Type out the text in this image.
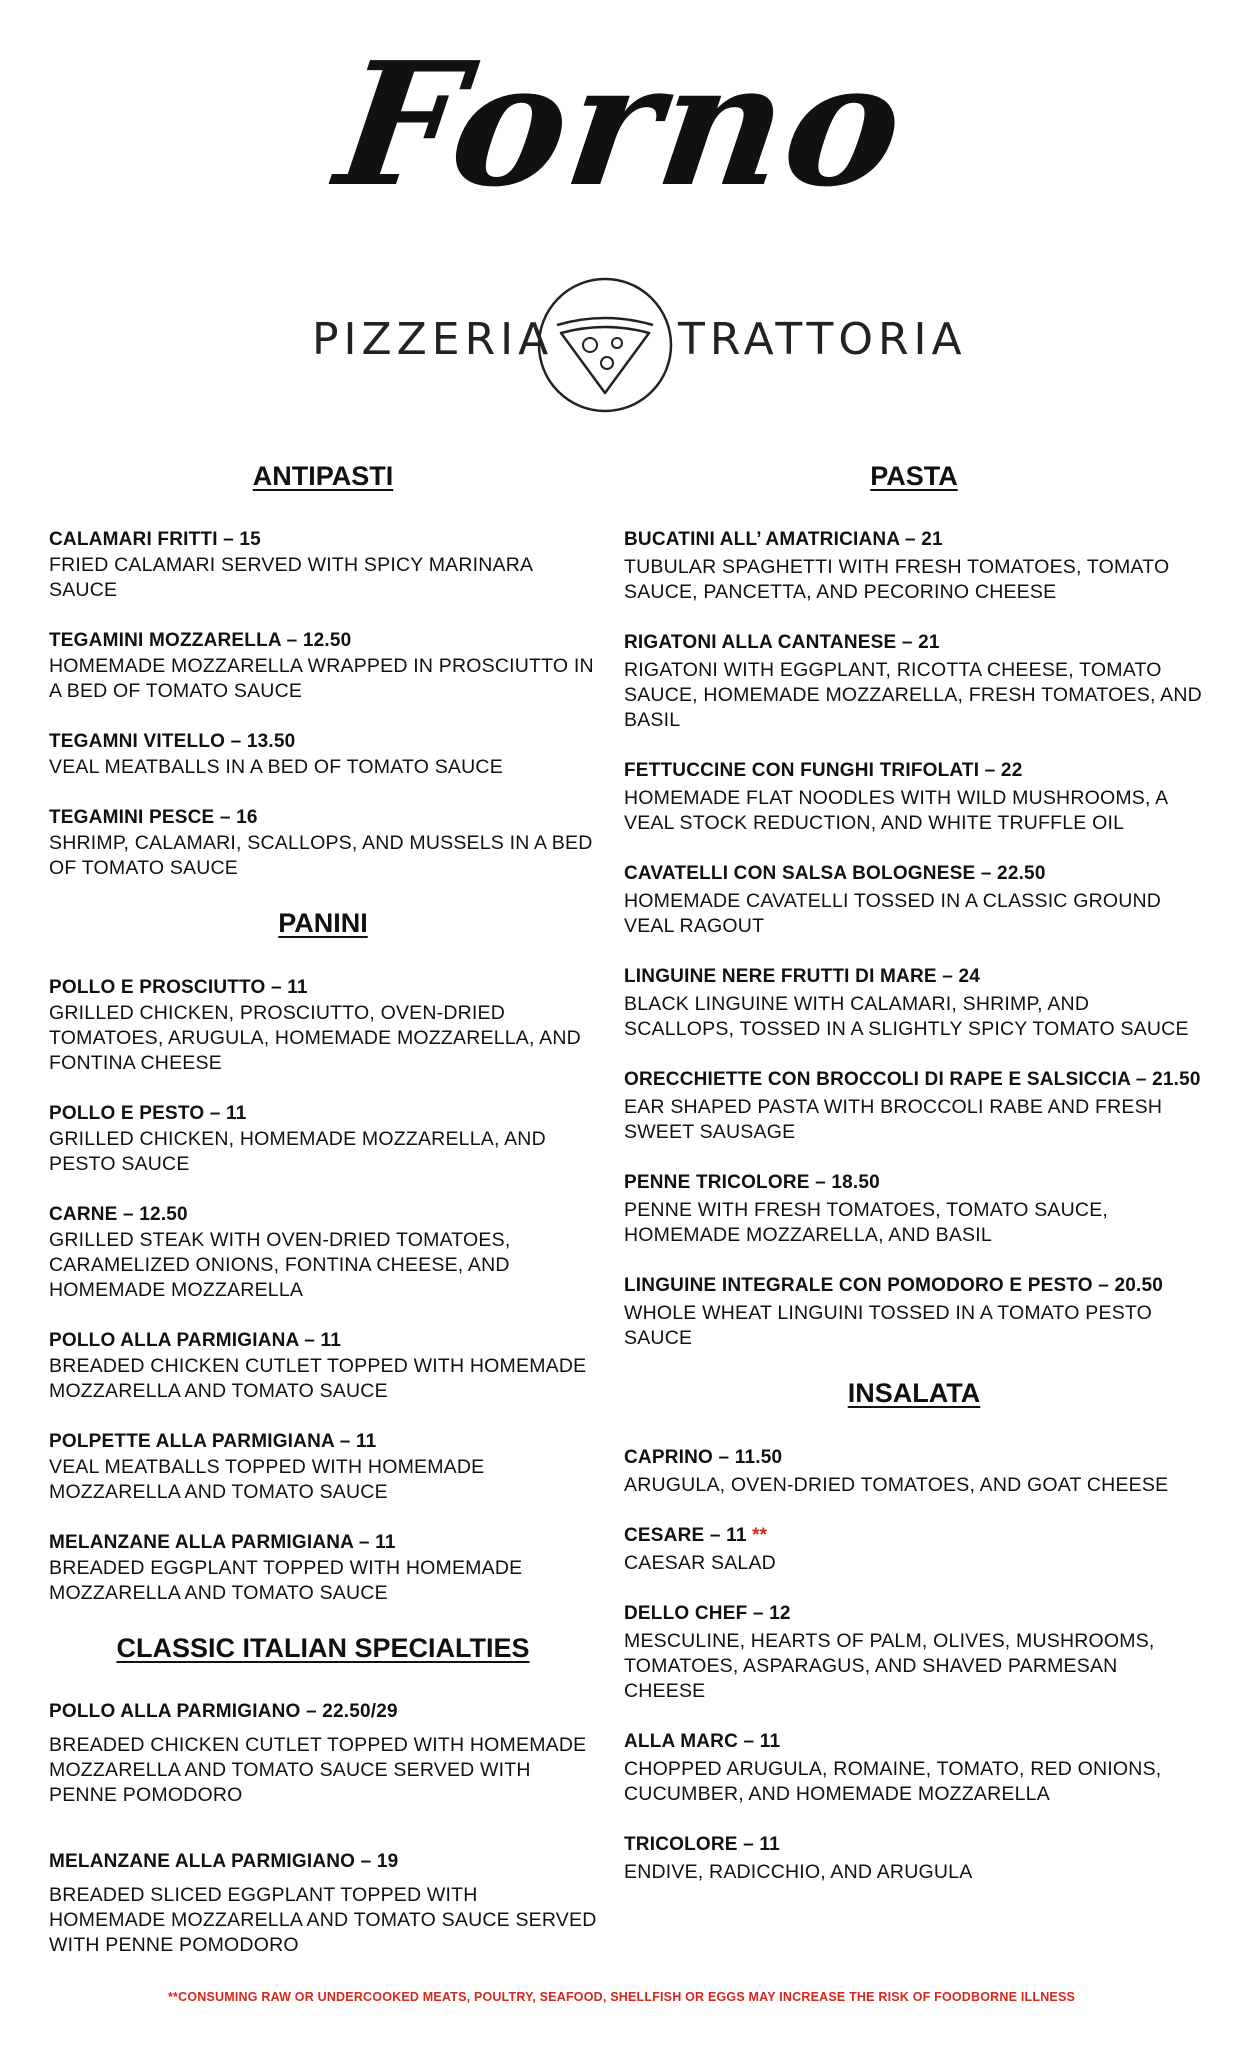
Forno
PIZZERIA	TRATTORIA
ANTIPASTI
CALAMARI FRITTI – 15
FRIED CALAMARI SERVED WITH SPICY MARINARA SAUCE
TEGAMINI MOZZARELLA – 12.50
HOMEMADE MOZZARELLA WRAPPED IN PROSCIUTTO IN A BED OF TOMATO SAUCE
TEGAMNI VITELLO – 13.50
VEAL MEATBALLS IN A BED OF TOMATO SAUCE
TEGAMINI PESCE – 16
SHRIMP, CALAMARI, SCALLOPS, AND MUSSELS IN A BED OF TOMATO SAUCE
PANINI
POLLO E PROSCIUTTO – 11
GRILLED CHICKEN, PROSCIUTTO, OVEN-DRIED TOMATOES, ARUGULA, HOMEMADE MOZZARELLA, AND FONTINA CHEESE
POLLO E PESTO – 11
GRILLED CHICKEN, HOMEMADE MOZZARELLA, AND PESTO SAUCE
CARNE – 12.50
GRILLED STEAK WITH OVEN-DRIED TOMATOES, CARAMELIZED ONIONS, FONTINA CHEESE, AND HOMEMADE MOZZARELLA
POLLO ALLA PARMIGIANA – 11
BREADED CHICKEN CUTLET TOPPED WITH HOMEMADE MOZZARELLA AND TOMATO SAUCE
POLPETTE ALLA PARMIGIANA – 11
VEAL MEATBALLS TOPPED WITH HOMEMADE MOZZARELLA AND TOMATO SAUCE
MELANZANE ALLA PARMIGIANA – 11
BREADED EGGPLANT TOPPED WITH HOMEMADE MOZZARELLA AND TOMATO SAUCE
CLASSIC ITALIAN SPECIALTIES
POLLO ALLA PARMIGIANO – 22.50/29
BREADED CHICKEN CUTLET TOPPED WITH HOMEMADE MOZZARELLA AND TOMATO SAUCE SERVED WITH PENNE POMODORO
MELANZANE ALLA PARMIGIANO – 19
BREADED SLICED EGGPLANT TOPPED WITH HOMEMADE MOZZARELLA AND TOMATO SAUCE SERVED WITH PENNE POMODORO
PASTA
BUCATINI ALL’ AMATRICIANA – 21
TUBULAR SPAGHETTI WITH FRESH TOMATOES, TOMATO SAUCE, PANCETTA, AND PECORINO CHEESE
RIGATONI ALLA CANTANESE – 21
RIGATONI WITH EGGPLANT, RICOTTA CHEESE, TOMATO SAUCE, HOMEMADE MOZZARELLA, FRESH TOMATOES, AND BASIL
FETTUCCINE CON FUNGHI TRIFOLATI – 22
HOMEMADE FLAT NOODLES WITH WILD MUSHROOMS, A VEAL STOCK REDUCTION, AND WHITE TRUFFLE OIL
CAVATELLI CON SALSA BOLOGNESE – 22.50
HOMEMADE CAVATELLI TOSSED IN A CLASSIC GROUND VEAL RAGOUT
LINGUINE NERE FRUTTI DI MARE – 24
BLACK LINGUINE WITH CALAMARI, SHRIMP, AND SCALLOPS, TOSSED IN A SLIGHTLY SPICY TOMATO SAUCE
ORECCHIETTE CON BROCCOLI DI RAPE E SALSICCIA – 21.50
EAR SHAPED PASTA WITH BROCCOLI RABE AND FRESH SWEET SAUSAGE
PENNE TRICOLORE – 18.50
PENNE WITH FRESH TOMATOES, TOMATO SAUCE, HOMEMADE MOZZARELLA, AND BASIL
LINGUINE INTEGRALE CON POMODORO E PESTO – 20.50
WHOLE WHEAT LINGUINI TOSSED IN A TOMATO PESTO SAUCE
INSALATA
CAPRINO – 11.50
ARUGULA, OVEN-DRIED TOMATOES, AND GOAT CHEESE
CESARE – 11 **
CAESAR SALAD
DELLO CHEF – 12
MESCULINE, HEARTS OF PALM, OLIVES, MUSHROOMS, TOMATOES, ASPARAGUS, AND SHAVED PARMESAN CHEESE
ALLA MARC – 11
CHOPPED ARUGULA, ROMAINE, TOMATO, RED ONIONS, CUCUMBER, AND HOMEMADE MOZZARELLA
TRICOLORE – 11
ENDIVE, RADICCHIO, AND ARUGULA
**CONSUMING RAW OR UNDERCOOKED MEATS, POULTRY, SEAFOOD, SHELLFISH OR EGGS MAY INCREASE THE RISK OF FOODBORNE ILLNESS
